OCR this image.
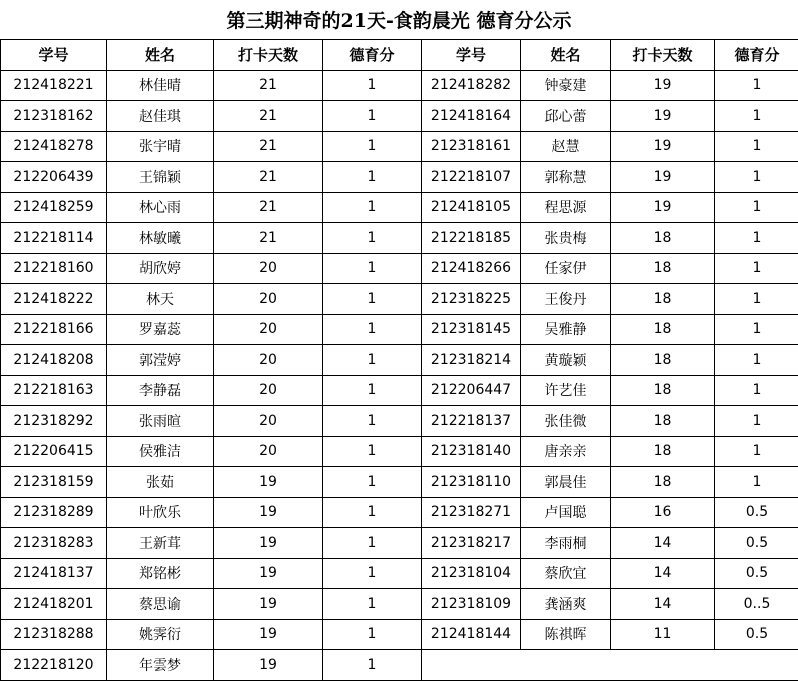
第三期神奇的21天-食韵晨光 德育分公示
学号	姓名	打卡天数	德育分	学号	姓名	打卡天数	德育分
212418221	林佳晴	21	1	212418282	钟豪建	19	1
212318162	赵佳琪	21	1	212418164	邱心蕾	19	1
212418278	张宇晴	21	1	212318161	赵慧	19	1
212206439	王锦颖	21	1	212218107	郭称慧	19	1
212418259	林心雨	21	1	212418105	程思源	19	1
212218114	林敏曦	21	1	212218185	张贵梅	18	1
212218160	胡欣婷	20	1	212418266	任家伊	18	1
212418222	林天	20	1	212318225	王俊丹	18	1
212218166	罗嘉蕊	20	1	212318145	吴雅静	18	1
212418208	郭滢婷	20	1	212318214	黄璇颖	18	1
212218163	李静磊	20	1	212206447	许艺佳	18	1
212318292	张雨暄	20	1	212218137	张佳微	18	1
212206415	侯雅洁	20	1	212318140	唐亲亲	18	1
212318159	张茹	19	1	212318110	郭晨佳	18	1
212318289	叶欣乐	19	1	212318271	卢国聪	16	0.5
212318283	王新茸	19	1	212318217	李雨桐	14	0.5
212418137	郑铭彬	19	1	212318104	蔡欣宜	14	0.5
212418201	蔡思谕	19	1	212318109	龚涵爽	14	0..5
212318288	姚霁衍	19	1	212418144	陈祺晖	11	0.5
212218120	年雲梦	19	1				
